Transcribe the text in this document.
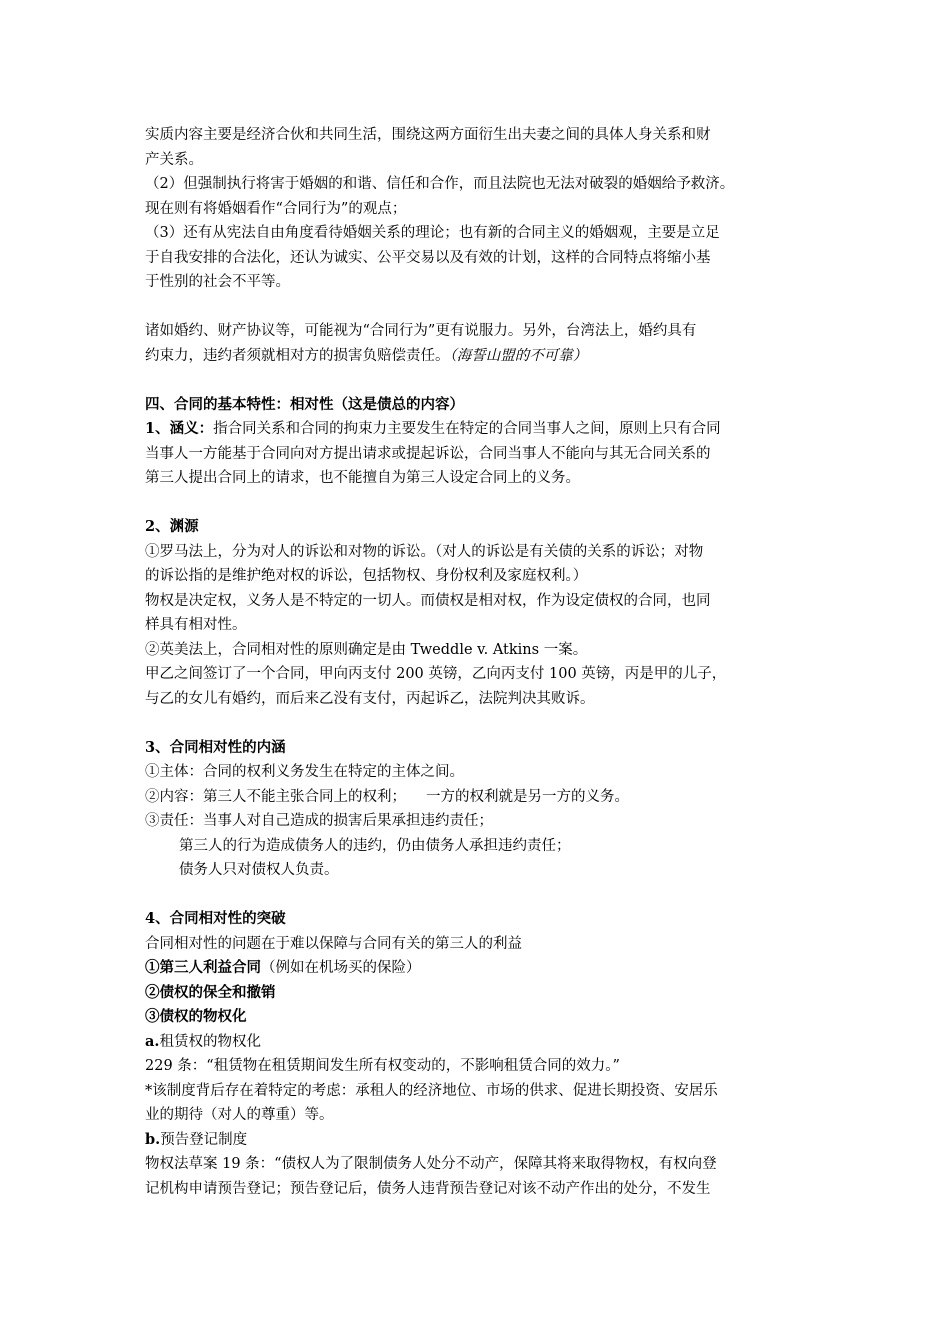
实质内容主要是经济合伙和共同生活，围绕这两方面衍生出夫妻之间的具体人身关系和财
产关系。
（2）但强制执行将害于婚姻的和谐、信任和合作，而且法院也无法对破裂的婚姻给予救济。
现在则有将婚姻看作“合同行为”的观点；
（3）还有从宪法自由角度看待婚姻关系的理论；也有新的合同主义的婚姻观，主要是立足
于自我安排的合法化，还认为诚实、公平交易以及有效的计划，这样的合同特点将缩小基
于性别的社会不平等。
诸如婚约、财产协议等，可能视为“合同行为”更有说服力。另外，台湾法上，婚约具有
约束力，违约者须就相对方的损害负赔偿责任。（海誓山盟的不可靠）
四、合同的基本特性：相对性（这是债总的内容）
1、涵义：指合同关系和合同的拘束力主要发生在特定的合同当事人之间，原则上只有合同
当事人一方能基于合同向对方提出请求或提起诉讼，合同当事人不能向与其无合同关系的
第三人提出合同上的请求，也不能擅自为第三人设定合同上的义务。
2、渊源
①罗马法上，分为对人的诉讼和对物的诉讼。（对人的诉讼是有关债的关系的诉讼；对物
的诉讼指的是维护绝对权的诉讼，包括物权、身份权利及家庭权利。）
物权是决定权，义务人是不特定的一切人。而债权是相对权，作为设定债权的合同，也同
样具有相对性。
②英美法上，合同相对性的原则确定是由 Tweddle v. Atkins 一案。
甲乙之间签订了一个合同，甲向丙支付 200 英镑，乙向丙支付 100 英镑，丙是甲的儿子，
与乙的女儿有婚约，而后来乙没有支付，丙起诉乙，法院判决其败诉。
3、合同相对性的内涵
①主体：合同的权利义务发生在特定的主体之间。
②内容：第三人不能主张合同上的权利； 一方的权利就是另一方的义务。
③责任：当事人对自己造成的损害后果承担违约责任；
第三人的行为造成债务人的违约，仍由债务人承担违约责任；
债务人只对债权人负责。
4、合同相对性的突破
合同相对性的问题在于难以保障与合同有关的第三人的利益
①第三人利益合同（例如在机场买的保险）
②债权的保全和撤销
③债权的物权化
a.租赁权的物权化
229 条：“租赁物在租赁期间发生所有权变动的，不影响租赁合同的效力。”
*该制度背后存在着特定的考虑：承租人的经济地位、市场的供求、促进长期投资、安居乐
业的期待（对人的尊重）等。
b.预告登记制度
物权法草案 19 条：“债权人为了限制债务人处分不动产，保障其将来取得物权，有权向登
记机构申请预告登记；预告登记后，债务人违背预告登记对该不动产作出的处分，不发生
